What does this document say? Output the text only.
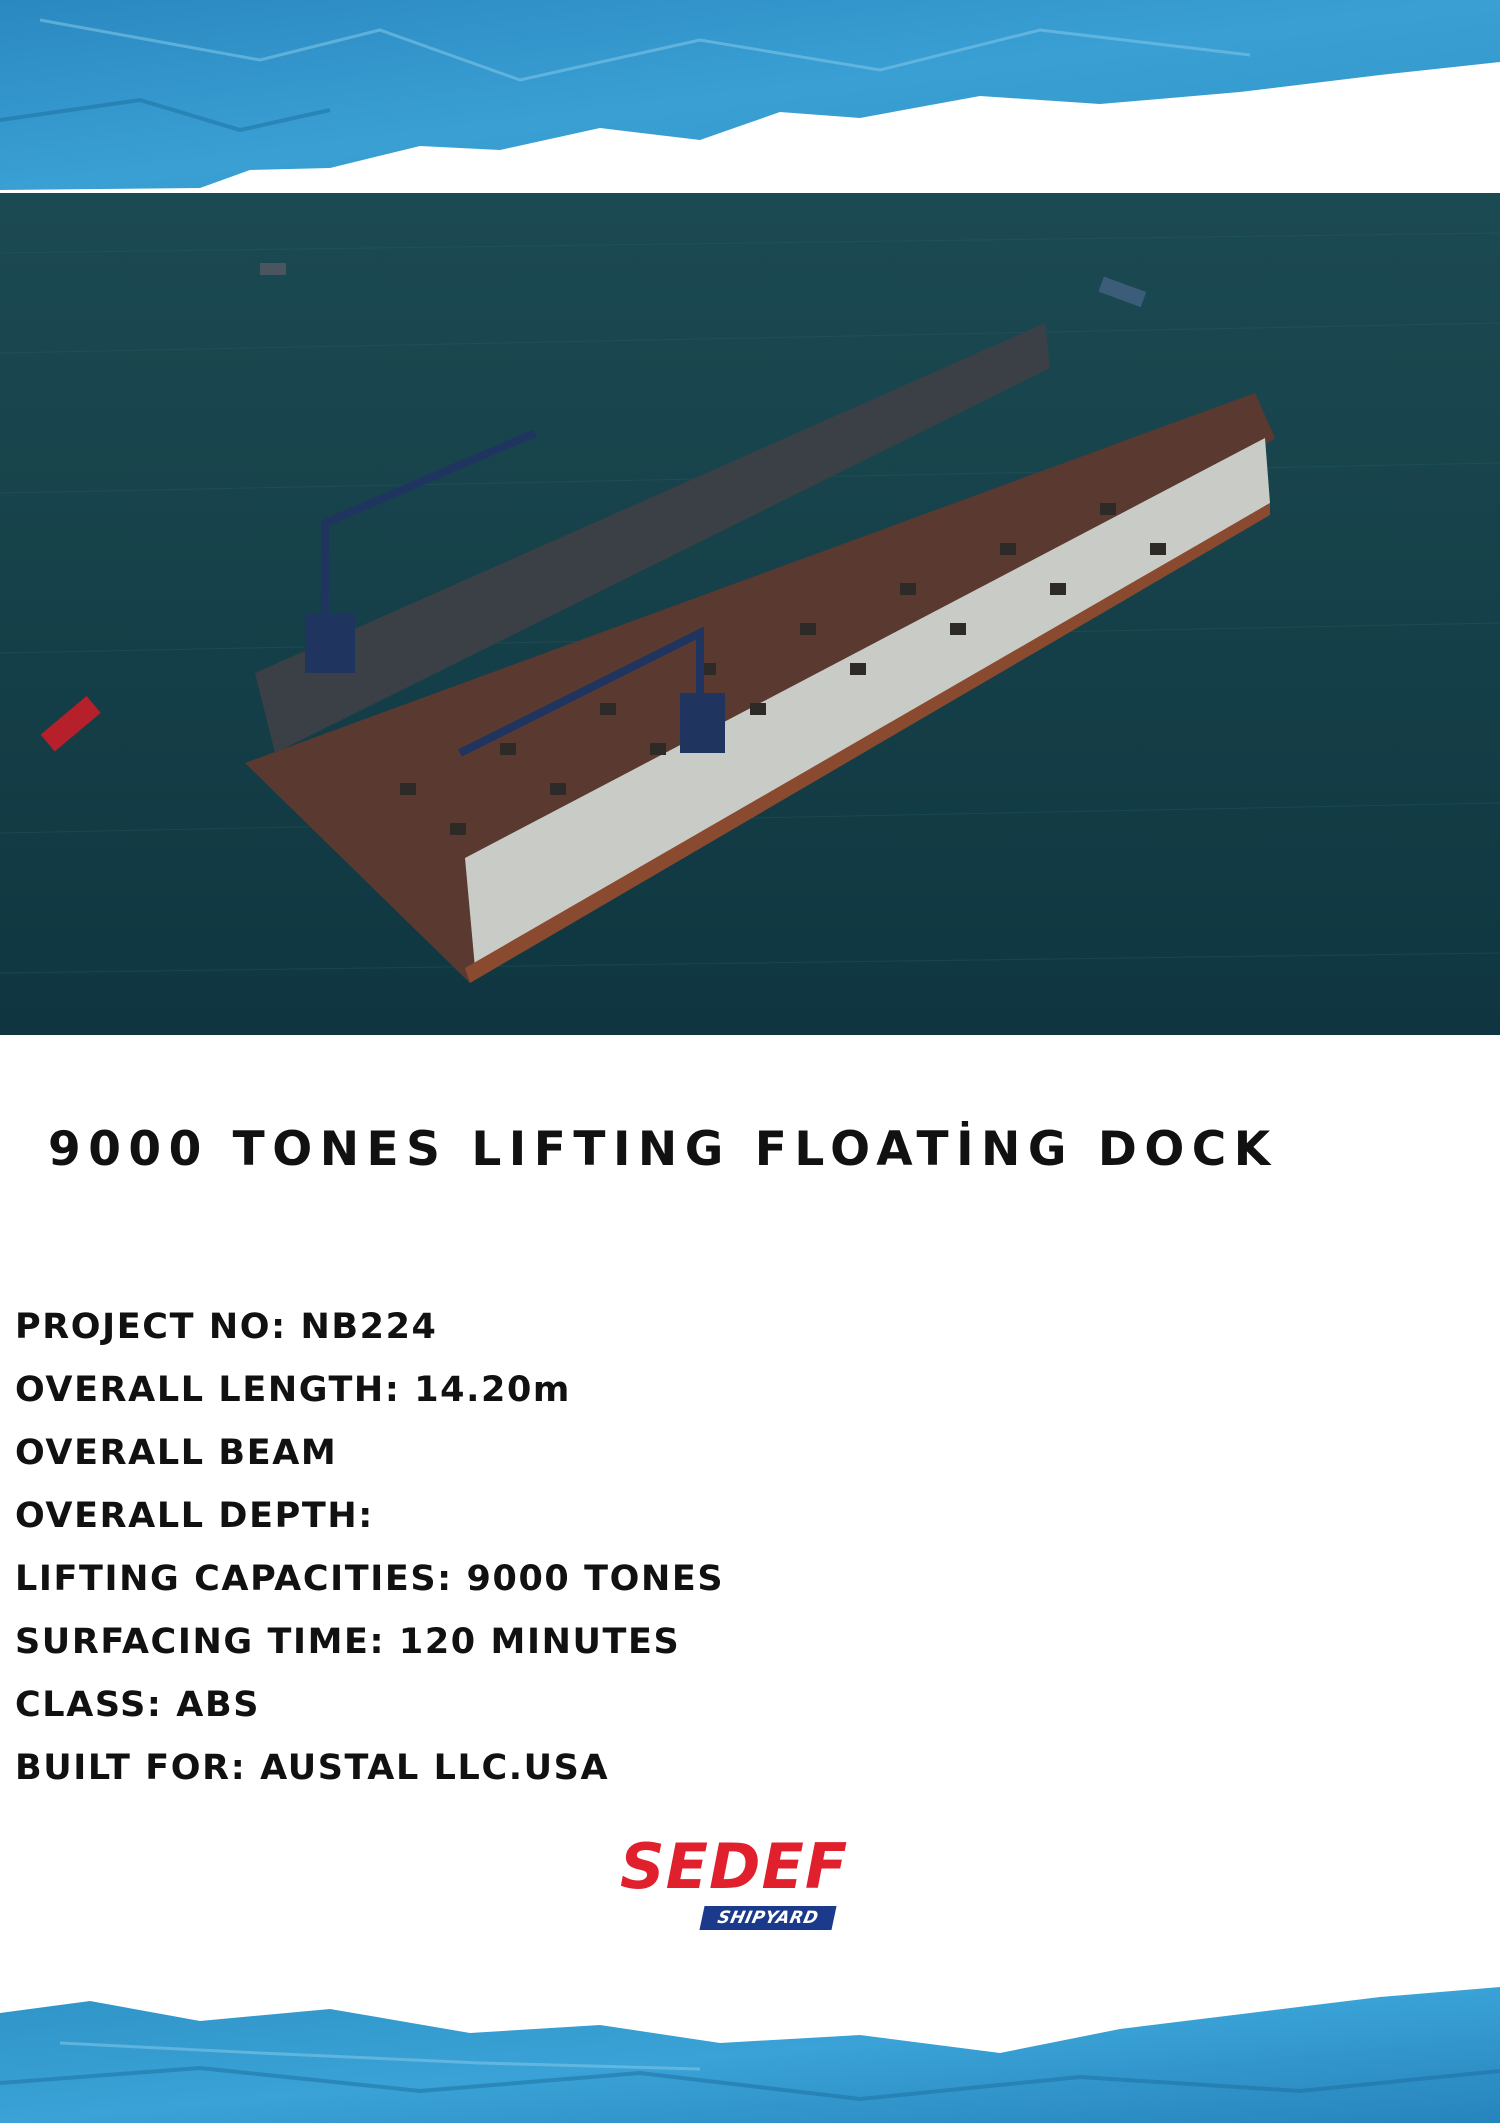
9000 TONES LIFTING FLOATİNG DOCK
PROJECT NO: NB224
OVERALL LENGTH: 14.20m
OVERALL BEAM
OVERALL DEPTH:
LIFTING CAPACITIES: 9000 TONES
SURFACING TIME: 120 MINUTES
CLASS: ABS
BUILT FOR: AUSTAL LLC.USA
SEDEF
SHIPYARD
